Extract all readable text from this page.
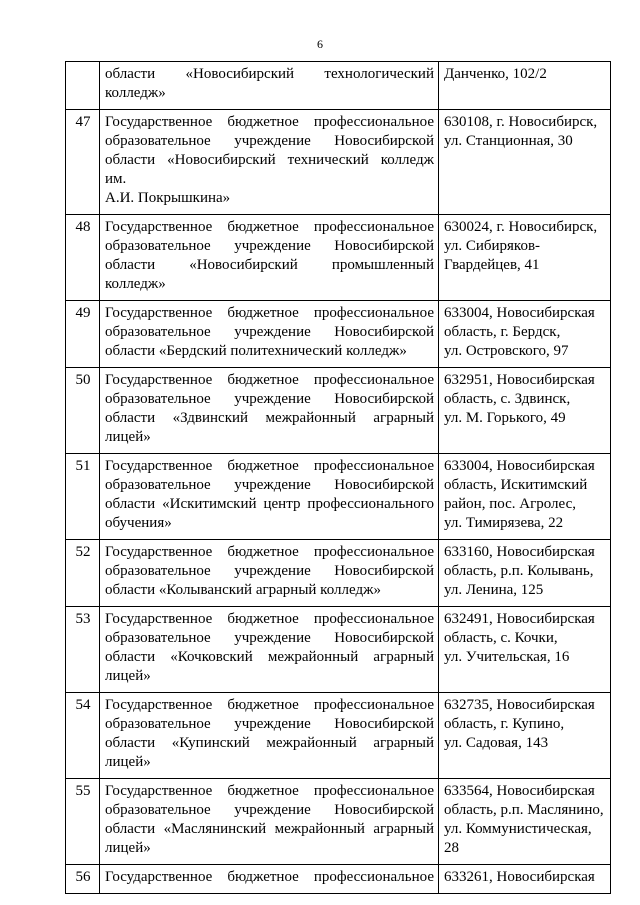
6

	области «Новосибирский технологический
колледж»	Данченко, 102/2

47	Государственное бюджетное профессиональное
образовательное учреждение Новосибирской
области «Новосибирский технический колледж им.
А.И. Покрышкина»	630108, г. Новосибирск,
ул. Станционная, 30

48	Государственное бюджетное профессиональное
образовательное учреждение Новосибирской
области «Новосибирский промышленный
колледж»	630024, г. Новосибирск,
ул. Сибиряков-
Гвардейцев, 41

49	Государственное бюджетное профессиональное
образовательное учреждение Новосибирской
области «Бердский политехнический колледж»	633004, Новосибирская
область, г. Бердск,
ул. Островского, 97

50	Государственное бюджетное профессиональное
образовательное учреждение Новосибирской
области «Здвинский межрайонный аграрный
лицей»	632951, Новосибирская
область, с. Здвинск,
ул. М. Горького, 49

51	Государственное бюджетное профессиональное
образовательное учреждение Новосибирской
области «Искитимский центр профессионального
обучения»	633004, Новосибирская
область, Искитимский
район, пос. Агролес,
ул. Тимирязева, 22

52	Государственное бюджетное профессиональное
образовательное учреждение Новосибирской
области «Колыванский аграрный колледж»	633160, Новосибирская
область, р.п. Колывань,
ул. Ленина, 125

53	Государственное бюджетное профессиональное
образовательное учреждение Новосибирской
области «Кочковский межрайонный аграрный
лицей»	632491, Новосибирская
область, с. Кочки,
ул. Учительская, 16

54	Государственное бюджетное профессиональное
образовательное учреждение Новосибирской
области «Купинский межрайонный аграрный
лицей»	632735, Новосибирская
область, г. Купино,
ул. Садовая, 143

55	Государственное бюджетное профессиональное
образовательное учреждение Новосибирской
области «Маслянинский межрайонный аграрный
лицей»	633564, Новосибирская
область, р.п. Маслянино,
ул. Коммунистическая,
28

56	Государственное бюджетное профессиональное	633261, Новосибирская
